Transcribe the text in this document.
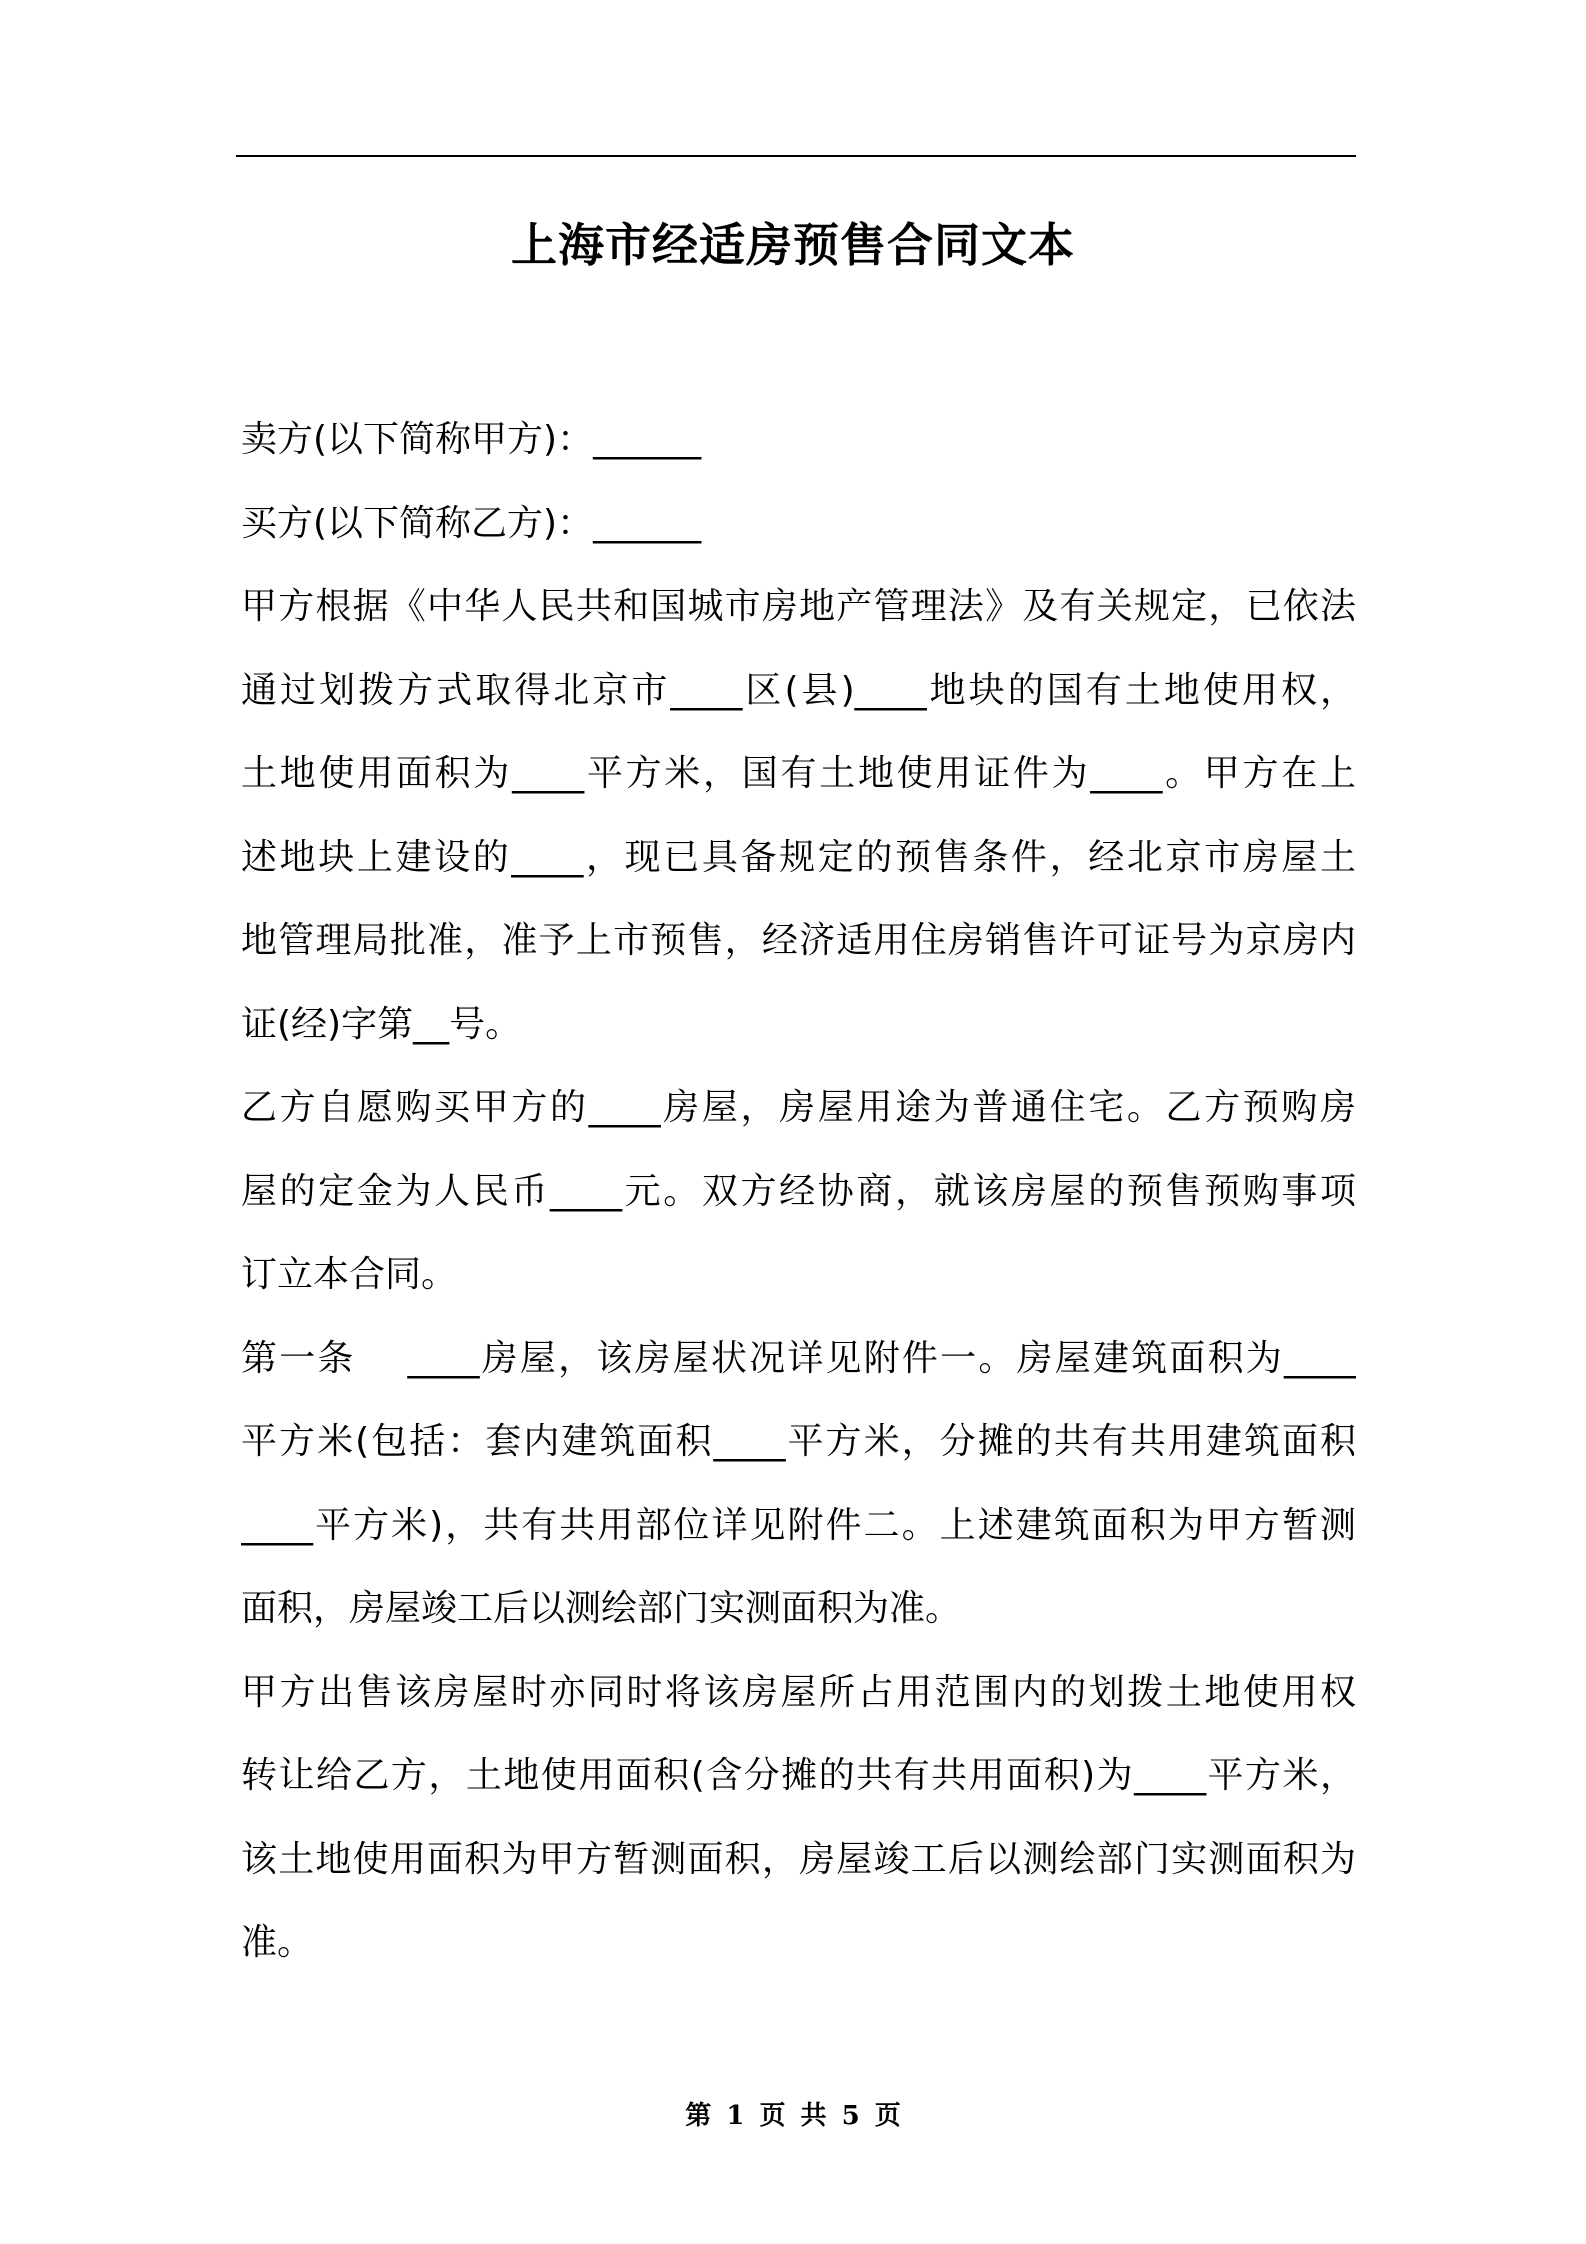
上海市经适房预售合同文本
卖方(以下简称甲方)：______
买方(以下简称乙方)：______
甲方根据《中华人民共和国城市房地产管理法》及有关规定，已依法
通过划拨方式取得北京市____区(县)____地块的国有土地使用权，
土地使用面积为____平方米，国有土地使用证件为____。甲方在上
述地块上建设的____，现已具备规定的预售条件，经北京市房屋土
地管理局批准，准予上市预售，经济适用住房销售许可证号为京房内
证(经)字第__号。
乙方自愿购买甲方的____房屋，房屋用途为普通住宅。乙方预购房
屋的定金为人民币____元。双方经协商，就该房屋的预售预购事项
订立本合同。
第一条　 ____房屋，该房屋状况详见附件一。房屋建筑面积为____
平方米(包括：套内建筑面积____平方米，分摊的共有共用建筑面积
____平方米)，共有共用部位详见附件二。上述建筑面积为甲方暂测
面积，房屋竣工后以测绘部门实测面积为准。
甲方出售该房屋时亦同时将该房屋所占用范围内的划拨土地使用权
转让给乙方，土地使用面积(含分摊的共有共用面积)为____平方米，
该土地使用面积为甲方暂测面积，房屋竣工后以测绘部门实测面积为
准。
第 1 页 共 5 页
